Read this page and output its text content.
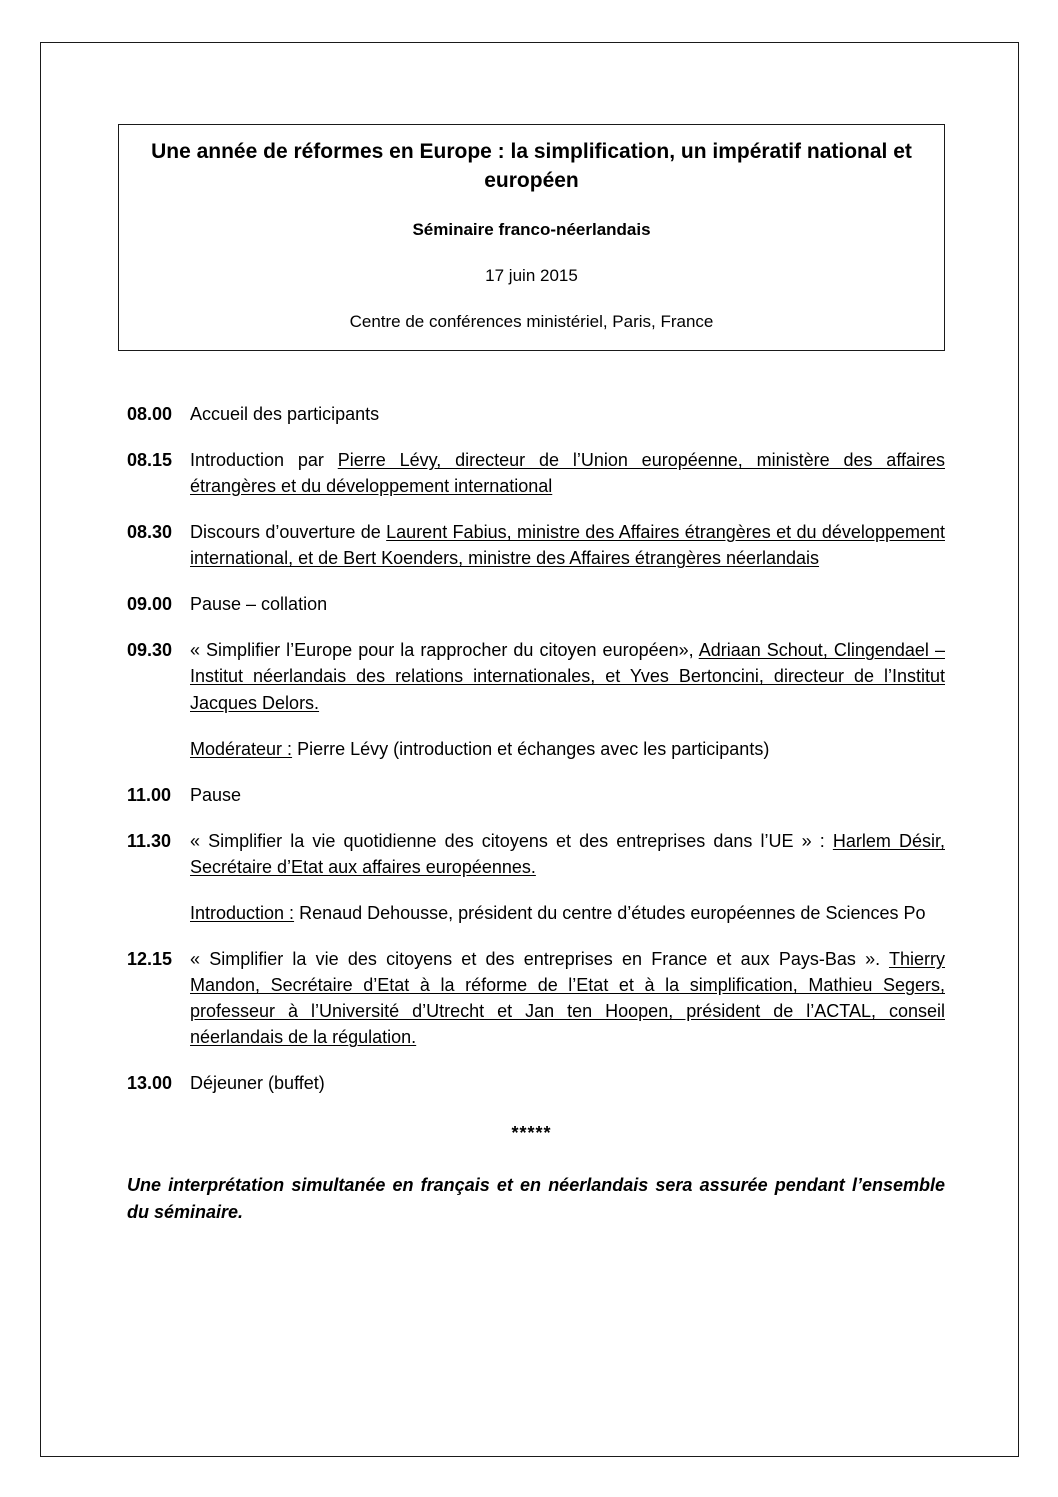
Une année de réformes en Europe : la simplification, un impératif national et européen
Séminaire franco-néerlandais
17 juin 2015
Centre de conférences ministériel, Paris, France
08.00 Accueil des participants

08.15 Introduction par Pierre Lévy, directeur de l’Union européenne, ministère des affaires étrangères et du développement international

08.30 Discours d’ouverture de Laurent Fabius, ministre des Affaires étrangères et du développement international, et de Bert Koenders, ministre des Affaires étrangères néerlandais

09.00 Pause – collation

09.30 « Simplifier l’Europe pour la rapprocher du citoyen européen», Adriaan Schout, Clingendael – Institut néerlandais des relations internationales, et Yves Bertoncini, directeur de l’Institut Jacques Delors.

Modérateur : Pierre Lévy (introduction et échanges avec les participants)

11.00	Pause

11.30	« Simplifier la vie quotidienne des citoyens et des entreprises dans l’UE » : Harlem Désir, Secrétaire d’Etat aux affaires européennes.

Introduction : Renaud Dehousse, président du centre d’études européennes de Sciences Po

12.15 « Simplifier la vie des citoyens et des entreprises en France et aux Pays-Bas ». Thierry Mandon, Secrétaire d’Etat à la réforme de l’Etat et à la simplification, Mathieu Segers, professeur à l’Université d’Utrecht et Jan ten Hoopen, président de l’ACTAL, conseil néerlandais de la régulation.

13.00 Déjeuner (buffet)

*****
Une interprétation simultanée en français et en néerlandais sera assurée pendant l’ensemble du séminaire.
